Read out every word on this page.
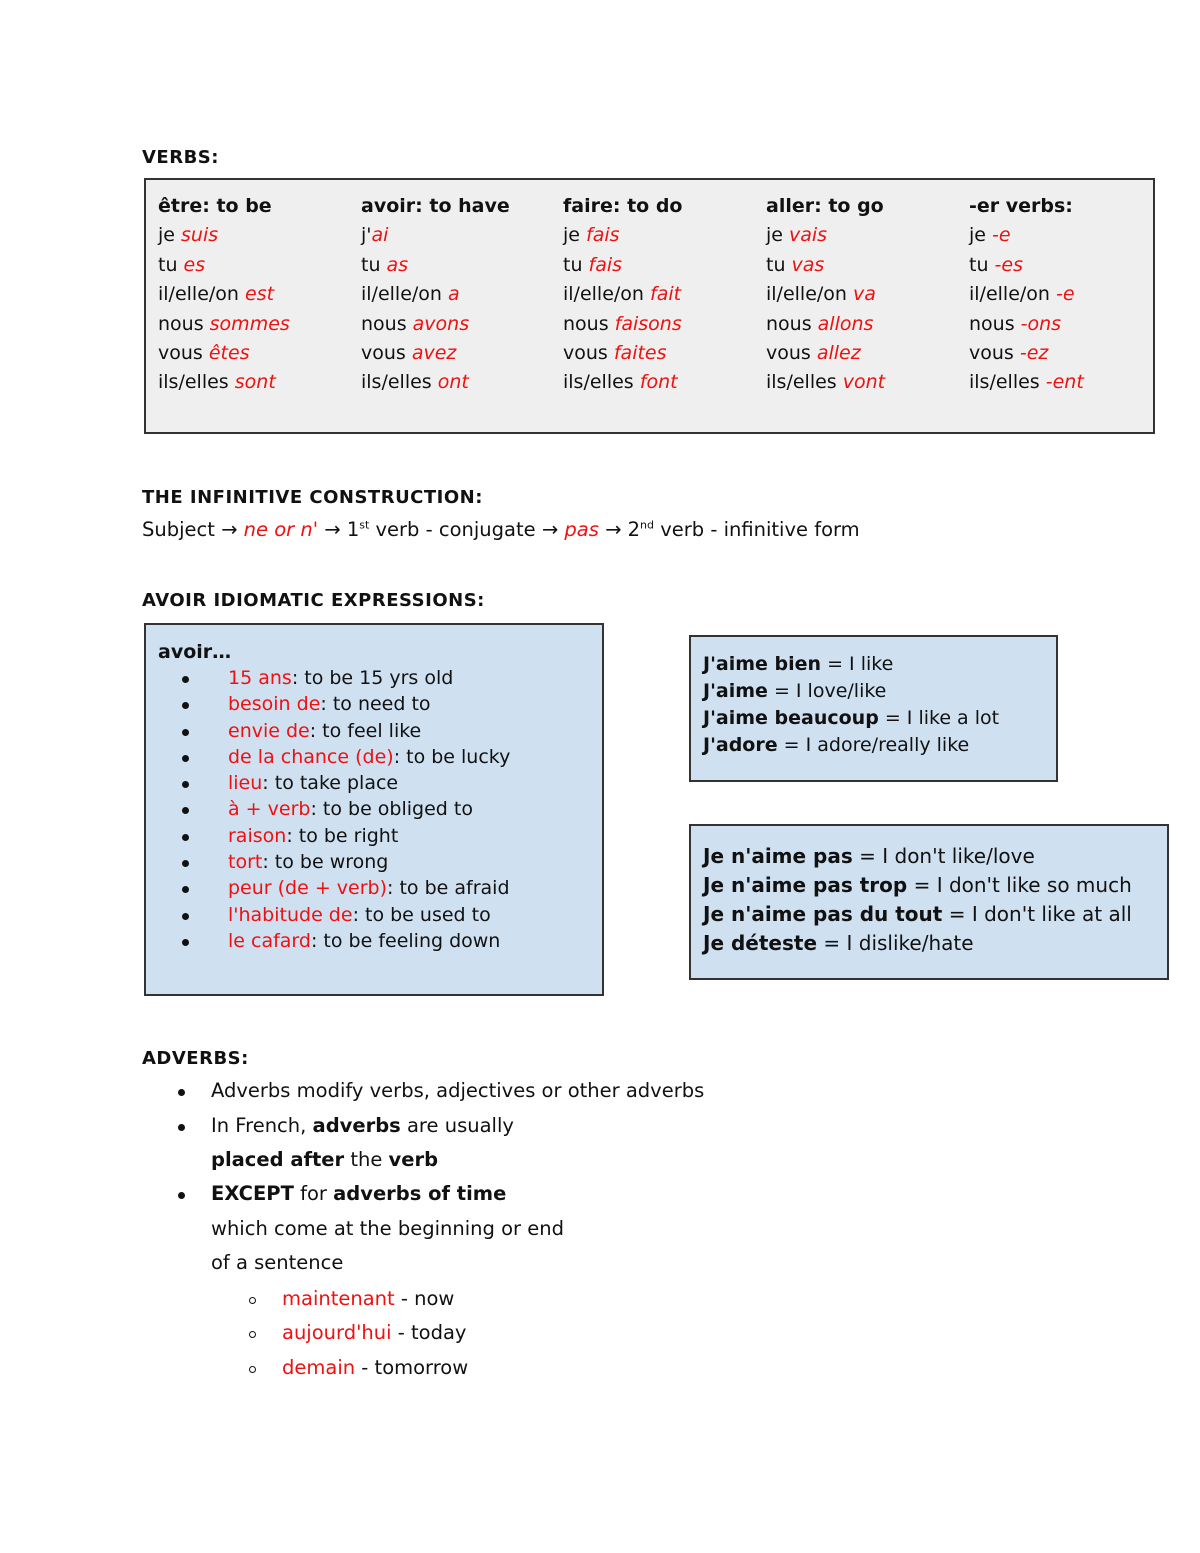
VERBS:
être: to be
je suis
tu es
il/elle/on est
nous sommes
vous êtes
ils/elles sont
avoir: to have
j'ai
tu as
il/elle/on a
nous avons
vous avez
ils/elles ont
faire: to do
je fais
tu fais
il/elle/on fait
nous faisons
vous faites
ils/elles font
aller: to go
je vais
tu vas
il/elle/on va
nous allons
vous allez
ils/elles vont
-er verbs:
je -e
tu -es
il/elle/on -e
nous -ons
vous -ez
ils/elles -ent
THE INFINITIVE CONSTRUCTION:
Subject → ne or n' → 1st verb - conjugate → pas → 2nd verb - infinitive form
AVOIR IDIOMATIC EXPRESSIONS:
avoir…
15 ans: to be 15 yrs old
besoin de: to need to
envie de: to feel like
de la chance (de): to be lucky
lieu: to take place
à + verb: to be obliged to
raison: to be right
tort: to be wrong
peur (de + verb): to be afraid
l'habitude de: to be used to
le cafard: to be feeling down
J'aime bien = I like
J'aime = I love/like
J'aime beaucoup = I like a lot
J'adore = I adore/really like
Je n'aime pas = I don't like/love
Je n'aime pas trop = I don't like so much
Je n'aime pas du tout = I don't like at all
Je déteste = I dislike/hate
ADVERBS:
Adverbs modify verbs, adjectives or other adverbs
In French, adverbs are usually
placed after the verb
EXCEPT for adverbs of time
which come at the beginning or end
of a sentence
maintenant - now
aujourd'hui - today
demain - tomorrow
